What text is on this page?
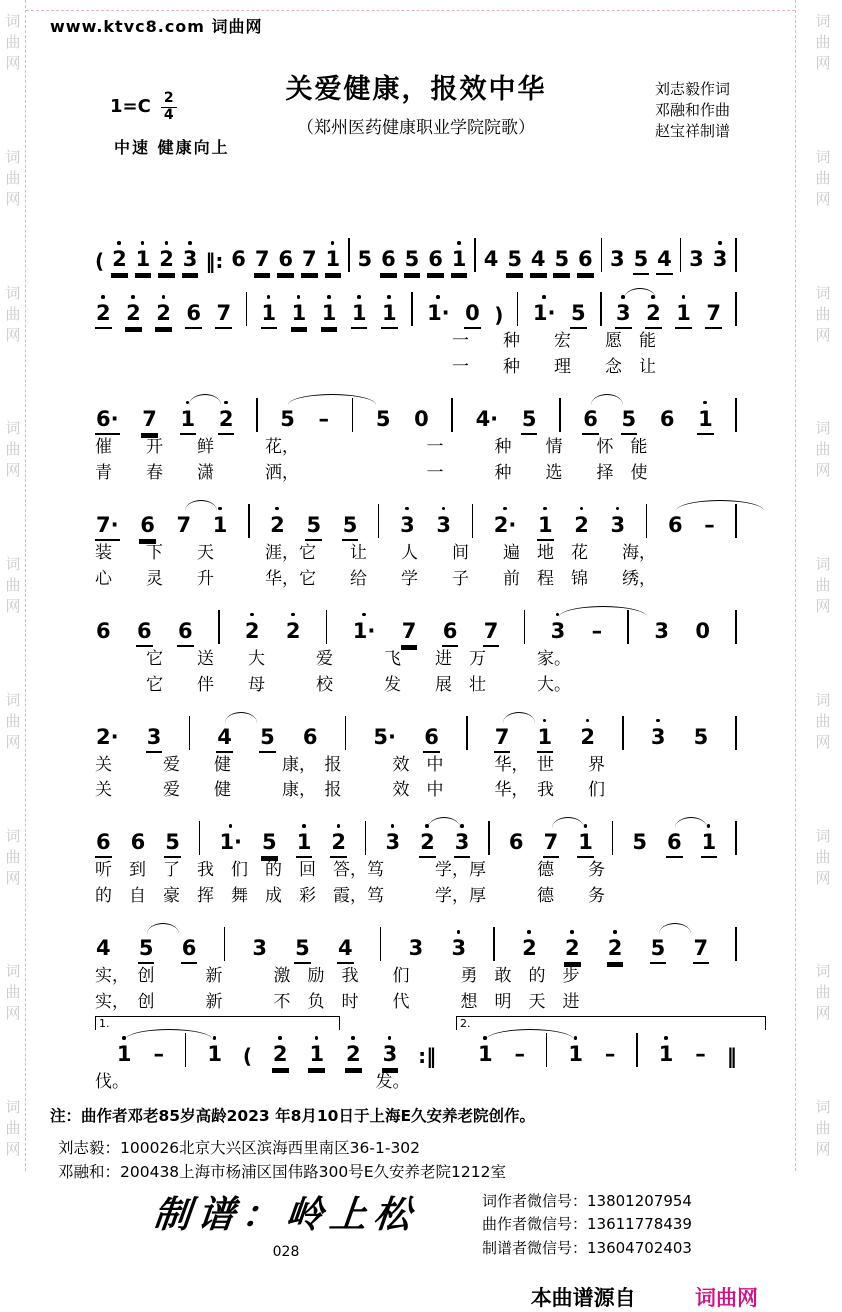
词
曲
网
词
曲
网
词
曲
网
词
曲
网
词
曲
网
词
曲
网
词
曲
网
词
曲
网
词
曲
网
词
曲
网
词
曲
网
词
曲
网
词
曲
网
词
曲
网
词
曲
网
词
曲
网
词
曲
网
词
曲
网
www.ktvc8.com 词曲网
关爱健康，报效中华
（郑州医药健康职业学院院歌）
$1=C \frac{2}{4}$
中速 健康向上
刘志毅作词
邓融和作曲
赵宝祥制谱
( 2 1 2 3 ‖: 6 7 6 7 1 5 6 5 6 1 4 5 4 5 6 3 5 4 3 3
2 2 2 6 7 1 1 1 1 1 1· 0 ) 1· 5 3 2 1 7
　　　　　　　　　　　　　　　　　　　　　一　　种　　宏　　愿　能
　　　　　　　　　　　　　　　　　　　　　一　　种　　理　　念　让
6· 7 1 2 5 – 5 0 4· 5 6 5 6 1
催　　开　　鲜　　　花，　　　　　　　　一　　　种　　情　　怀　能
青　　春　　潇　　　洒，　　　　　　　　一　　　种　　选　　择　使
7· 6 7 1 2 5 5 3 3 2· 1 2 3 6 –
装　　下　　天　　　涯，它　　让　　人　　间　　遍　地　花　　海，
心　　灵　　升　　　华，它　　给　　学　　子　　前　程　锦　　绣，
6 6 6 2 2 1· 7 6 7 3 – 3 0
　　　它　　送　　大　　　爱　　　飞　　进　万　　　家。
　　　它　　伴　　母　　　校　　　发　　展　壮　　　大。
2· 3	4 5 6	5· 6	7 1 2	3 5
关　　　爱　　健　　　康，　报　　　效　中　　　华，　世　　界
关　　　爱　　健　　　康，　报　　　效　中　　　华，　我　　们
6 6 5 1· 5 1 2 3 2 3 6 7 1 5 6 1
听　到　了　我　们　的　回　答，笃　　　学，厚　　　德　　务
的　自　豪　挥　舞　成　彩　霞，笃　　　学，厚　　　德　　务
4 5 6	3 5 4	3 3	2 2 2 5 7
实，　创　　　新　　　激　励　我　　们　　　勇　敢　的　步
实，　创　　　新　　　不　负　时　　代　　　想　明　天　进
1.
1 – 1 ( 2 1 2 3 :‖
2.
1 – 1 – 1 – ‖
伐。　　　　　　　　　　　　　　　发。
注：曲作者邓老85岁高龄2023 年8月10日于上海E久安养老院创作。
刘志毅：100026北京大兴区滨海西里南区36-1-302
邓融和：200438上海市杨浦区国伟路300号E久安养老院1212室
制谱：岭上松
028
词作者微信号：13801207954
曲作者微信号：13611778439
制谱者微信号：13604702403
本曲谱源自	词曲网
